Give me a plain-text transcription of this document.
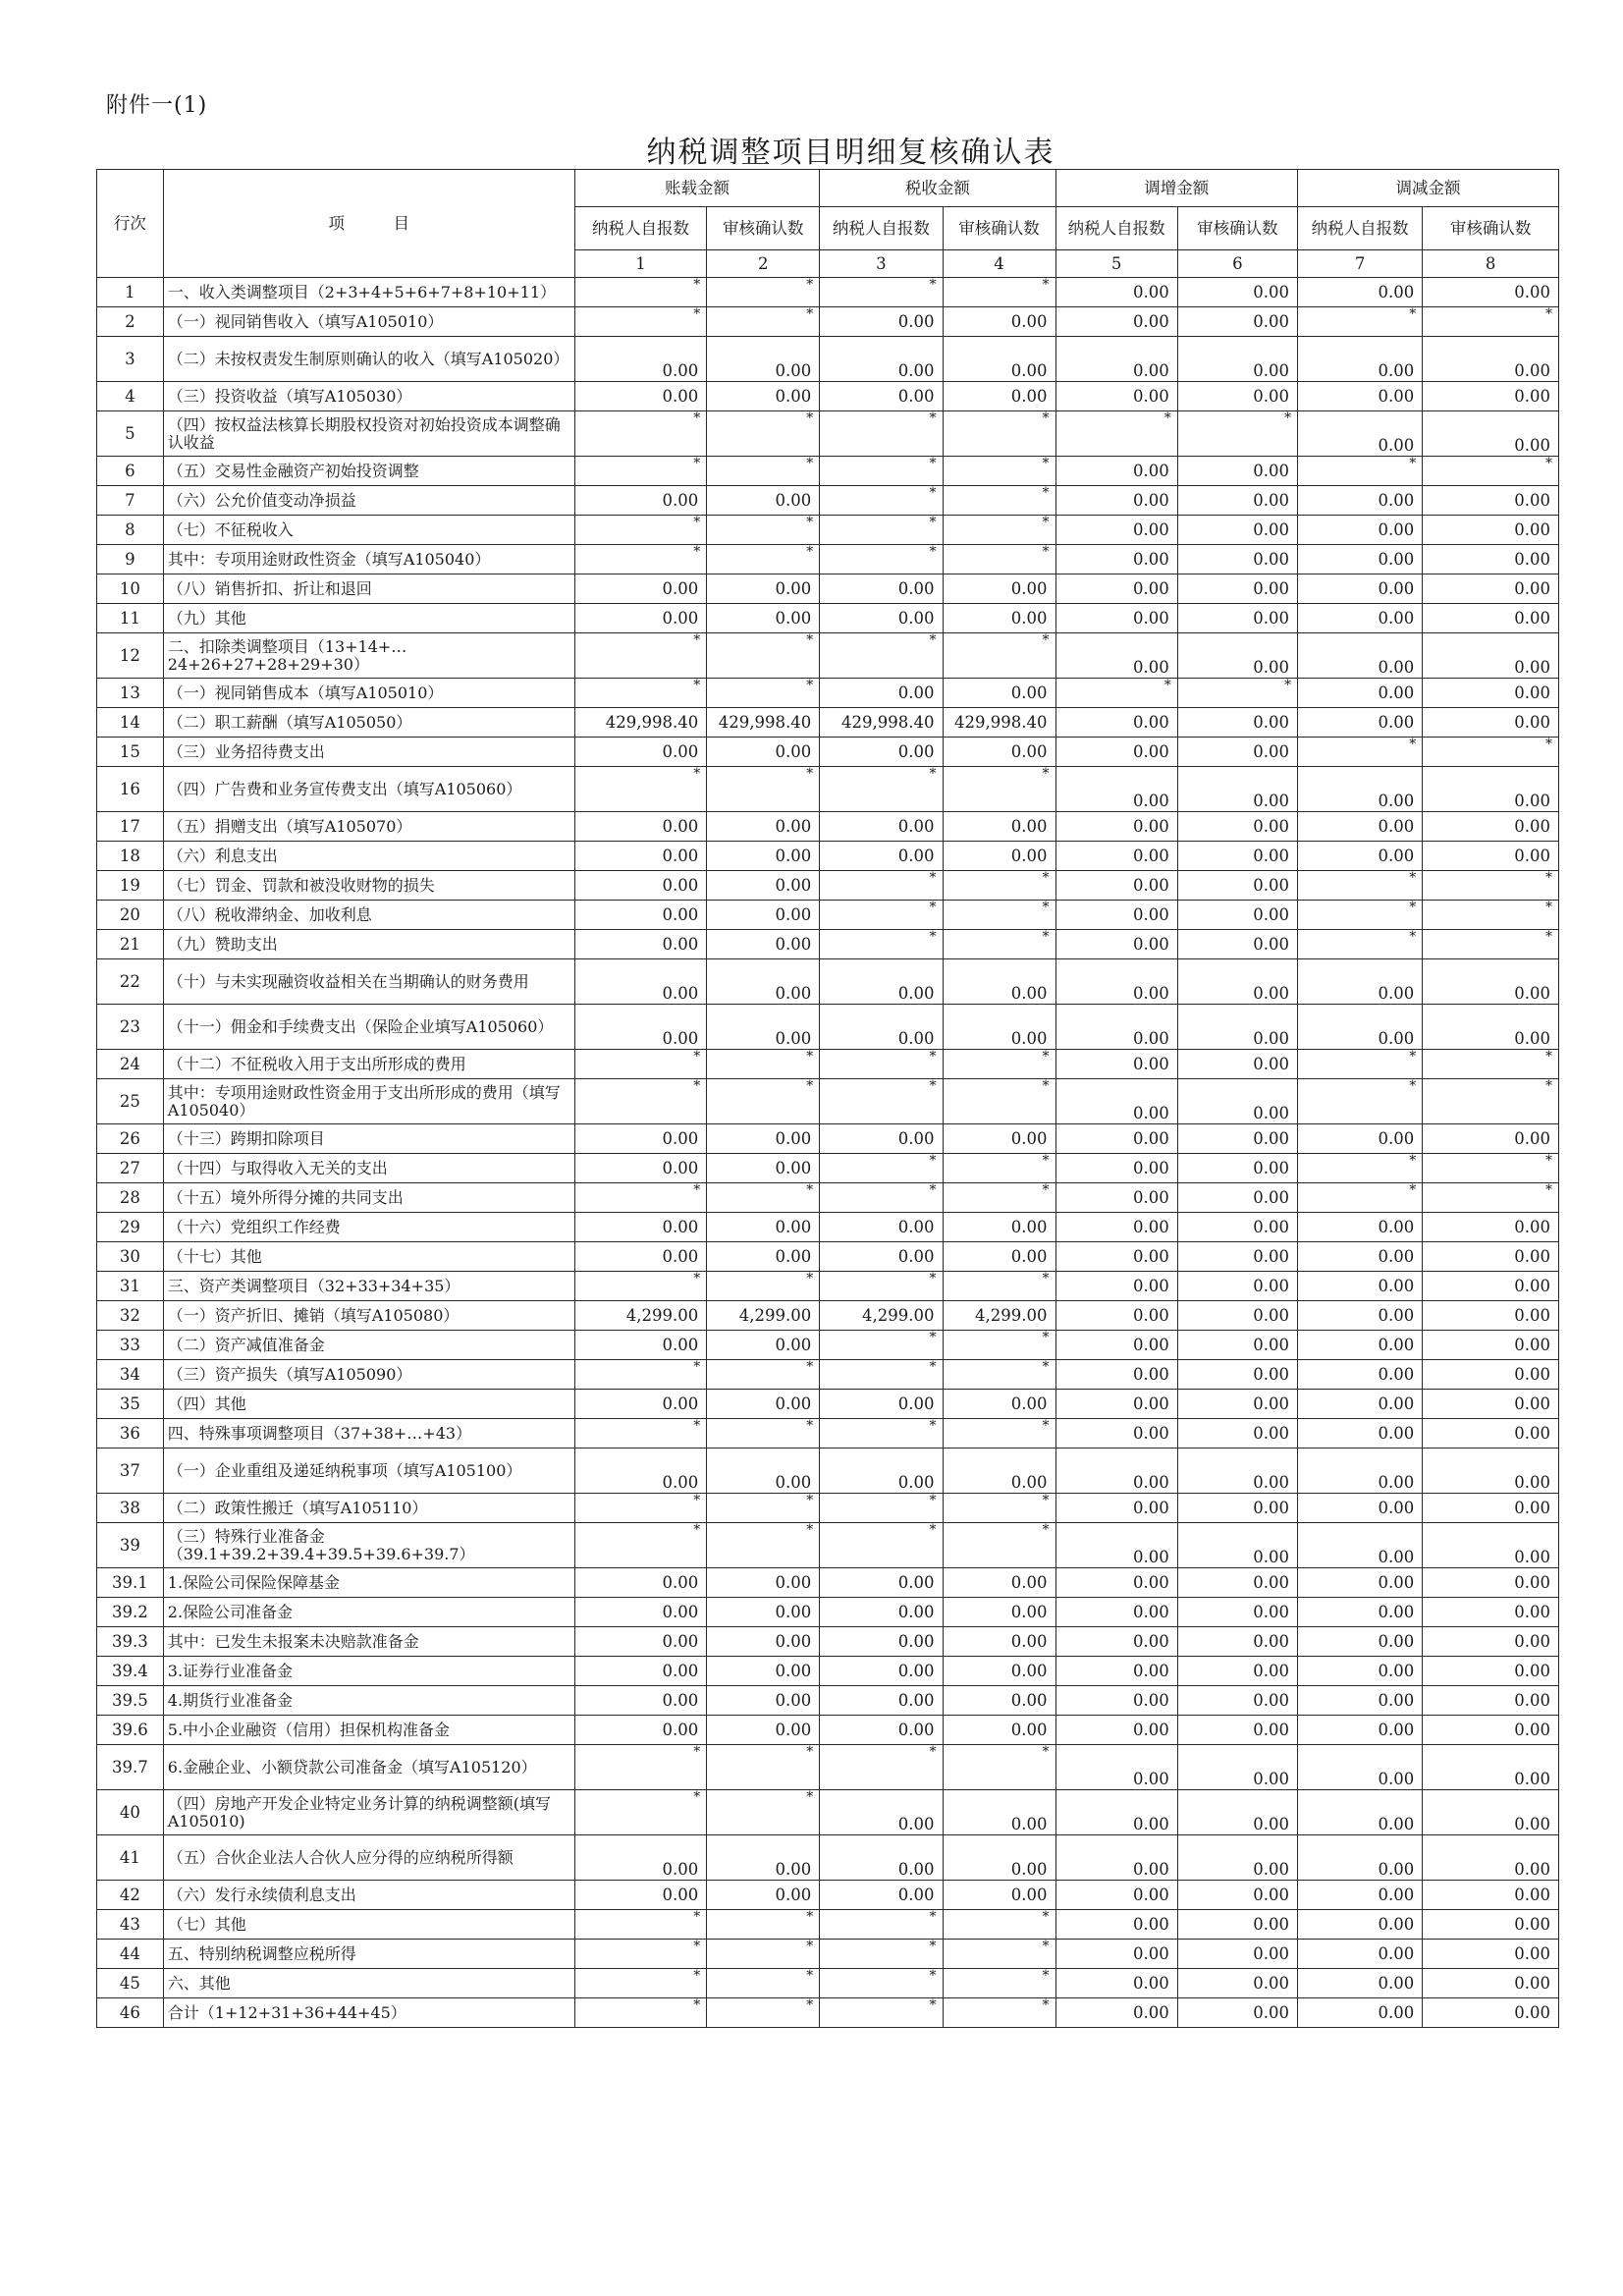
附件一(1)
纳税调整项目明细复核确认表
行次	项　　　目	账载金额		税收金额		调增金额		调减金额	
		纳税人自报数	审核确认数	纳税人自报数	审核确认数	纳税人自报数	审核确认数	纳税人自报数	审核确认数
		1	2	3	4	5	6	7	8
1	一、收入类调整项目（2+3+4+5+6+7+8+10+11）	*	*	*	*	0.00	0.00	0.00	0.00
2	（一）视同销售收入（填写A105010）	*	*	0.00	0.00	0.00	0.00	*	*
3	（二）未按权责发生制原则确认的收入（填写A105020）	0.00	0.00	0.00	0.00	0.00	0.00	0.00	0.00
4	（三）投资收益（填写A105030）	0.00	0.00	0.00	0.00	0.00	0.00	0.00	0.00
5	（四）按权益法核算长期股权投资对初始投资成本调整确认收益	*	*	*	*	*	*	0.00	0.00
6	（五）交易性金融资产初始投资调整	*	*	*	*	0.00	0.00	*	*
7	（六）公允价值变动净损益	0.00	0.00	*	*	0.00	0.00	0.00	0.00
8	（七）不征税收入	*	*	*	*	0.00	0.00	0.00	0.00
9	其中：专项用途财政性资金（填写A105040）	*	*	*	*	0.00	0.00	0.00	0.00
10	（八）销售折扣、折让和退回	0.00	0.00	0.00	0.00	0.00	0.00	0.00	0.00
11	（九）其他	0.00	0.00	0.00	0.00	0.00	0.00	0.00	0.00
12	二、扣除类调整项目（13+14+…24+26+27+28+29+30）	*	*	*	*	0.00	0.00	0.00	0.00
13	（一）视同销售成本（填写A105010）	*	*	0.00	0.00	*	*	0.00	0.00
14	（二）职工薪酬（填写A105050）	429,998.40	429,998.40	429,998.40	429,998.40	0.00	0.00	0.00	0.00
15	（三）业务招待费支出	0.00	0.00	0.00	0.00	0.00	0.00	*	*
16	（四）广告费和业务宣传费支出（填写A105060）	*	*	*	*	0.00	0.00	0.00	0.00
17	（五）捐赠支出（填写A105070）	0.00	0.00	0.00	0.00	0.00	0.00	0.00	0.00
18	（六）利息支出	0.00	0.00	0.00	0.00	0.00	0.00	0.00	0.00
19	（七）罚金、罚款和被没收财物的损失	0.00	0.00	*	*	0.00	0.00	*	*
20	（八）税收滞纳金、加收利息	0.00	0.00	*	*	0.00	0.00	*	*
21	（九）赞助支出	0.00	0.00	*	*	0.00	0.00	*	*
22	（十）与未实现融资收益相关在当期确认的财务费用	0.00	0.00	0.00	0.00	0.00	0.00	0.00	0.00
23	（十一）佣金和手续费支出（保险企业填写A105060）	0.00	0.00	0.00	0.00	0.00	0.00	0.00	0.00
24	（十二）不征税收入用于支出所形成的费用	*	*	*	*	0.00	0.00	*	*
25	其中：专项用途财政性资金用于支出所形成的费用（填写A105040）	*	*	*	*	0.00	0.00	*	*
26	（十三）跨期扣除项目	0.00	0.00	0.00	0.00	0.00	0.00	0.00	0.00
27	（十四）与取得收入无关的支出	0.00	0.00	*	*	0.00	0.00	*	*
28	（十五）境外所得分摊的共同支出	*	*	*	*	0.00	0.00	*	*
29	（十六）党组织工作经费	0.00	0.00	0.00	0.00	0.00	0.00	0.00	0.00
30	（十七）其他	0.00	0.00	0.00	0.00	0.00	0.00	0.00	0.00
31	三、资产类调整项目（32+33+34+35）	*	*	*	*	0.00	0.00	0.00	0.00
32	（一）资产折旧、摊销（填写A105080）	4,299.00	4,299.00	4,299.00	4,299.00	0.00	0.00	0.00	0.00
33	（二）资产减值准备金	0.00	0.00	*	*	0.00	0.00	0.00	0.00
34	（三）资产损失（填写A105090）	*	*	*	*	0.00	0.00	0.00	0.00
35	（四）其他	0.00	0.00	0.00	0.00	0.00	0.00	0.00	0.00
36	四、特殊事项调整项目（37+38+…+43）	*	*	*	*	0.00	0.00	0.00	0.00
37	（一）企业重组及递延纳税事项（填写A105100）	0.00	0.00	0.00	0.00	0.00	0.00	0.00	0.00
38	（二）政策性搬迁（填写A105110）	*	*	*	*	0.00	0.00	0.00	0.00
39	（三）特殊行业准备金（39.1+39.2+39.4+39.5+39.6+39.7）	*	*	*	*	0.00	0.00	0.00	0.00
39.1	1.保险公司保险保障基金	0.00	0.00	0.00	0.00	0.00	0.00	0.00	0.00
39.2	2.保险公司准备金	0.00	0.00	0.00	0.00	0.00	0.00	0.00	0.00
39.3	其中：已发生未报案未决赔款准备金	0.00	0.00	0.00	0.00	0.00	0.00	0.00	0.00
39.4	3.证券行业准备金	0.00	0.00	0.00	0.00	0.00	0.00	0.00	0.00
39.5	4.期货行业准备金	0.00	0.00	0.00	0.00	0.00	0.00	0.00	0.00
39.6	5.中小企业融资（信用）担保机构准备金	0.00	0.00	0.00	0.00	0.00	0.00	0.00	0.00
39.7	6.金融企业、小额贷款公司准备金（填写A105120）	*	*	*	*	0.00	0.00	0.00	0.00
40	（四）房地产开发企业特定业务计算的纳税调整额(填写A105010)	*	*	0.00	0.00	0.00	0.00	0.00	0.00
41	（五）合伙企业法人合伙人应分得的应纳税所得额	0.00	0.00	0.00	0.00	0.00	0.00	0.00	0.00
42	（六）发行永续债利息支出	0.00	0.00	0.00	0.00	0.00	0.00	0.00	0.00
43	（七）其他	*	*	*	*	0.00	0.00	0.00	0.00
44	五、特别纳税调整应税所得	*	*	*	*	0.00	0.00	0.00	0.00
45	六、其他	*	*	*	*	0.00	0.00	0.00	0.00
46	合计（1+12+31+36+44+45）	*	*	*	*	0.00	0.00	0.00	0.00
